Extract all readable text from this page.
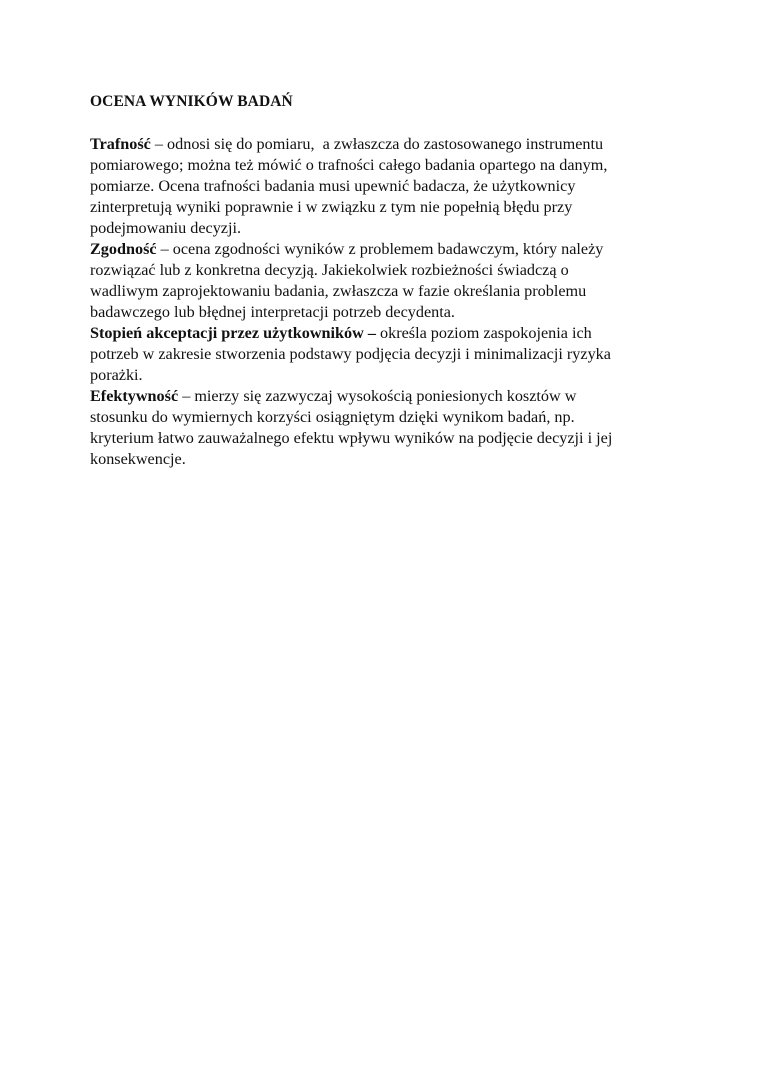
OCENA WYNIKÓW BADAŃ
Trafność – odnosi się do pomiaru,  a zwłaszcza do zastosowanego instrumentu
pomiarowego; można też mówić o trafności całego badania opartego na danym,
pomiarze. Ocena trafności badania musi upewnić badacza, że użytkownicy
zinterpretują wyniki poprawnie i w związku z tym nie popełnią błędu przy
podejmowaniu decyzji.
Zgodność – ocena zgodności wyników z problemem badawczym, który należy
rozwiązać lub z konkretna decyzją. Jakiekolwiek rozbieżności świadczą o
wadliwym zaprojektowaniu badania, zwłaszcza w fazie określania problemu
badawczego lub błędnej interpretacji potrzeb decydenta.
Stopień akceptacji przez użytkowników – określa poziom zaspokojenia ich
potrzeb w zakresie stworzenia podstawy podjęcia decyzji i minimalizacji ryzyka
porażki.
Efektywność – mierzy się zazwyczaj wysokością poniesionych kosztów w
stosunku do wymiernych korzyści osiągniętym dzięki wynikom badań, np.
kryterium łatwo zauważalnego efektu wpływu wyników na podjęcie decyzji i jej
konsekwencje.
